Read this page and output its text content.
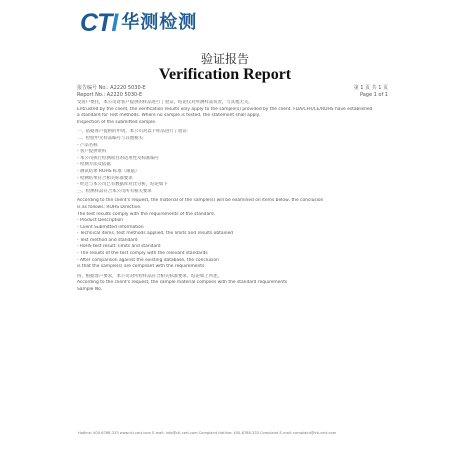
CTI 华测检测
验证报告
Verification Report
报告编号 No.: A2220 5030-E
Report No.: A2220 5030-E
第 1 页 共 1 页
Page 1 of 1
受客户委托，本公司对客户提供的样品进行了验证，结论仅对所测样品负责，与其他无关。
Entrusted by the client, the verification results only apply to the sample(s) provided by the client. FDA/CFR/CE/ROHS have established
a standard for Test methods. Where no sample is tested, the statement shall apply.
Inspection of the submitted sample.
一、依据客户提供的申请，本公司对以下样品进行了验证：
二、检验中无样品编号与其他相关：
- 产品名称
- 客户提供资料
- 本公司执行检测项目的适用性及标准编号
- 检测方法及依据
- 测试结果 ROHS 标准（限值）
- 检测结果符合相关标准要求
- 经过与本公司已有数据库对比分析，结论如下
三、检测样品符合本公司所有相关要求
According to the client's request, the material of the sample(s) will be examined on items below, the conclusion
is as follows: ROHS Directive.
The test results comply with the requirements of the standard.
- Product Description
- Client Submitted information
- Technical items, test methods applied, the limits and results obtained
- Test method and standard
- RoHS test result: limits and standard
- The results of the test comply with the relevant standards
- After comparison against the existing database, the conclusion
is that the sample(s) are compliant with the requirements.
四、根据客户要求，本公司对所检样品符合相关标准要求，结论如上所述。
According to the client's request, the sample material complies with the standard requirements
Sample No.
Hotline: 400-6788-333 www.cti-cert.com E-mail: info@cti-cert.com Complaint Hotline: 400-6788-333 Complaint E-mail: complaint@cti-cert.com
